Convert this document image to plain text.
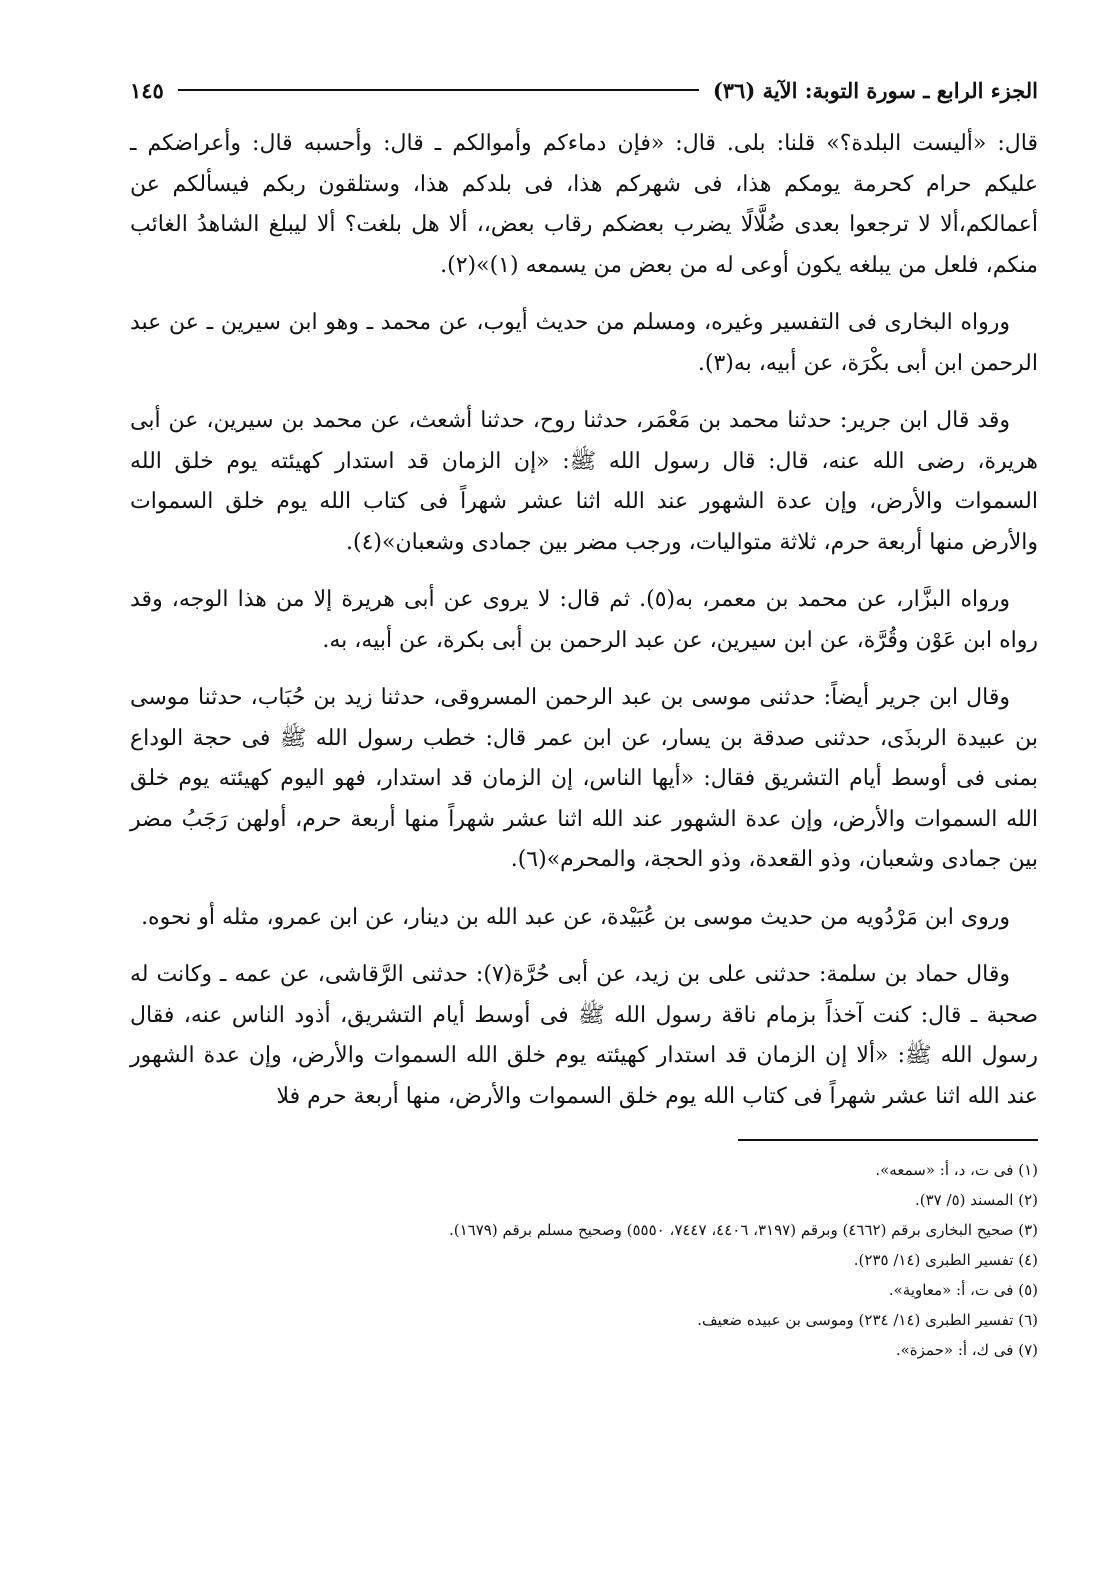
الجزء الرابع ـ سورة التوبة: الآية (٣٦)
١٤٥

قال: «أليست البلدة؟» قلنا: بلى. قال: «فإن دماءكم وأموالكم ـ قال: وأحسبه قال: وأعراضكم ـ عليكم حرام كحرمة يومكم هذا، فى شهركم هذا، فى بلدكم هذا، وستلقون ربكم فيسألكم عن أعمالكم،ألا لا ترجعوا بعدى ضُلَّالًا يضرب بعضكم رقاب بعض،، ألا هل بلغت؟ ألا ليبلغ الشاهدُ الغائب منكم، فلعل من يبلغه يكون أوعى له من بعض من يسمعه (١)»(٢).

ورواه البخارى فى التفسير وغيره، ومسلم من حديث أيوب، عن محمد ـ وهو ابن سيرين ـ عن عبد الرحمن ابن أبى بكْرَة، عن أبيه، به(٣).

وقد قال ابن جرير: حدثنا محمد بن مَعْمَر، حدثنا روح، حدثنا أشعث، عن محمد بن سيرين، عن أبى هريرة، رضى الله عنه، قال: قال رسول الله ﷺ: «إن الزمان قد استدار كهيئته يوم خلق الله السموات والأرض، وإن عدة الشهور عند الله اثنا عشر شهراً فى كتاب الله يوم خلق السموات والأرض منها أربعة حرم، ثلاثة متواليات، ورجب مضر بين جمادى وشعبان»(٤).

ورواه البزَّار، عن محمد بن معمر، به(٥). ثم قال: لا يروى عن أبى هريرة إلا من هذا الوجه، وقد رواه ابن عَوْن وقُرَّة، عن ابن سيرين، عن عبد الرحمن بن أبى بكرة، عن أبيه، به.

وقال ابن جرير أيضاً: حدثنى موسى بن عبد الرحمن المسروقى، حدثنا زيد بن حُبَاب، حدثنا موسى بن عبيدة الربذَى، حدثنى صدقة بن يسار، عن ابن عمر قال: خطب رسول الله ﷺ فى حجة الوداع بمنى فى أوسط أيام التشريق فقال: «أيها الناس، إن الزمان قد استدار، فهو اليوم كهيئته يوم خلق الله السموات والأرض، وإن عدة الشهور عند الله اثنا عشر شهراً منها أربعة حرم، أولهن رَجَبُ مضر بين جمادى وشعبان، وذو القعدة، وذو الحجة، والمحرم»(٦).

وروى ابن مَرْدُويه من حديث موسى بن عُبَيْدة، عن عبد الله بن دينار، عن ابن عمرو، مثله أو نحوه.

وقال حماد بن سلمة: حدثنى على بن زيد، عن أبى حُرَّة(٧): حدثنى الرَّقاشى، عن عمه ـ وكانت له صحبة ـ قال: كنت آخذاً بزمام ناقة رسول الله ﷺ فى أوسط أيام التشريق، أذود الناس عنه، فقال رسول الله ﷺ: «ألا إن الزمان قد استدار كهيئته يوم خلق الله السموات والأرض، وإن عدة الشهور عند الله اثنا عشر شهراً فى كتاب الله يوم خلق السموات والأرض، منها أربعة حرم فلا

(١) فى ت، د، أ: «سمعه».

(٢) المسند (٥/ ٣٧).

(٣) صحيح البخارى برقم (٤٦٦٢) وبرقم (٣١٩٧، ٤٤٠٦، ٧٤٤٧، ٥٥٥٠) وصحيح مسلم برقم (١٦٧٩).

(٤) تفسير الطبرى (١٤/ ٢٣٥).

(٥) فى ت، أ: «معاوية».

(٦) تفسير الطبرى (١٤/ ٢٣٤) وموسى بن عبيده ضعيف.

(٧) فى ك، أ: «حمزة».
